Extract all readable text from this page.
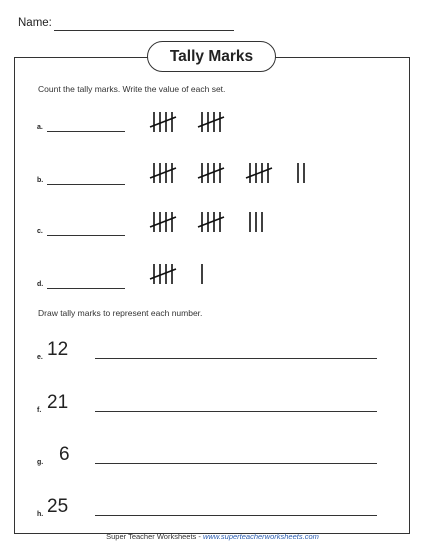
Name:
Tally Marks
Count the tally marks. Write the value of each set.
a.
b.
c.
d.
Draw tally marks to represent each number.
e. 12
f. 21
g. 6
h. 25
Super Teacher Worksheets - www.superteacherworksheets.com
